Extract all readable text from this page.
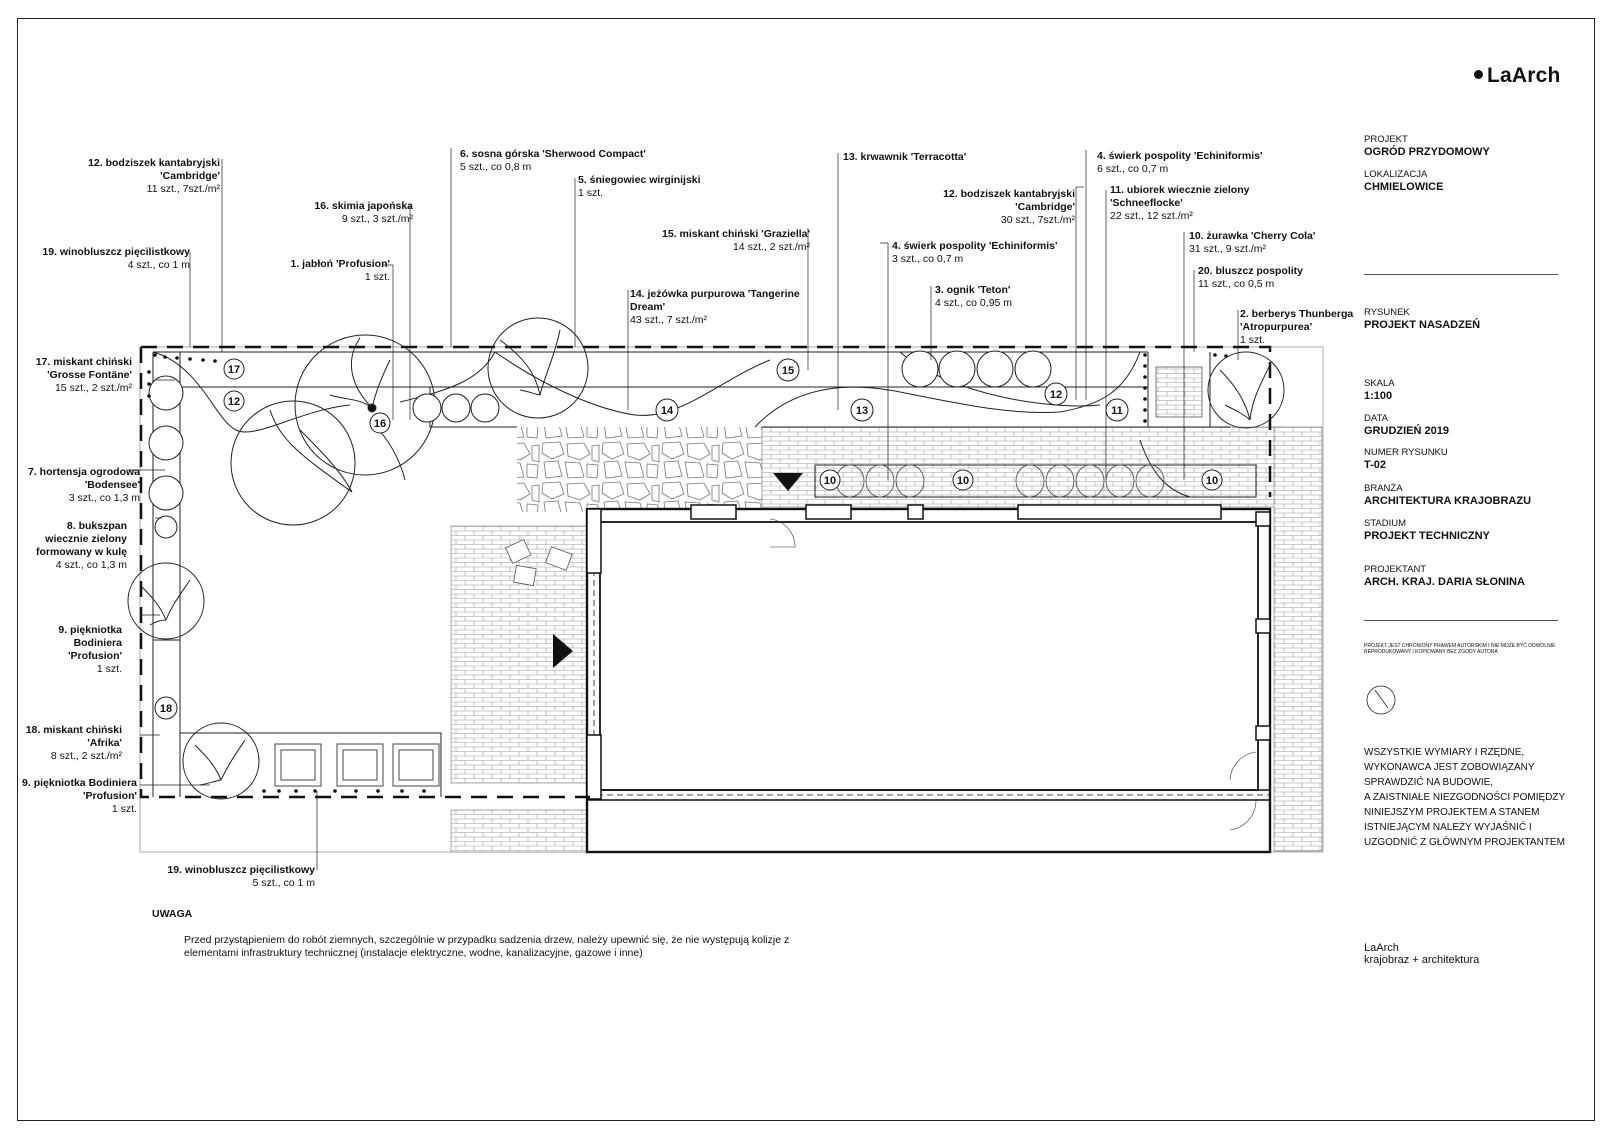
LaArch
17
12
16
15
14	13
12
11
10	10	10
18
12. bodziszek kantabryjski
'Cambridge'
11 szt., 7szt./m²
16. skimia japońska
9 szt., 3 szt./m²
19. winobluszcz pięcilistkowy
4 szt., co 1 m	1. jabłoń 'Profusion'
1 szt.
6. sosna górska 'Sherwood Compact'
5 szt., co 0,8 m
5. śniegowiec wirginijski
1 szt.
15. miskant chiński 'Graziella'
14 szt., 2 szt./m²
14. jeżówka purpurowa 'Tangerine
Dream'
43 szt., 7 szt./m²
13. krwawnik 'Terracotta'	4. świerk pospolity 'Echiniformis'
6 szt., co 0,7 m
12. bodziszek kantabryjski
'Cambridge'
30 szt., 7szt./m²
11. ubiorek wiecznie zielony
'Schneeflocke'
22 szt., 12 szt./m²
4. świerk pospolity 'Echiniformis'
3 szt., co 0,7 m
10. żurawka 'Cherry Cola'
31 szt., 9 szt./m²
3. ognik 'Teton'
4 szt., co 0,95 m
20. bluszcz pospolity
11 szt., co 0,5 m
2. berberys Thunberga
'Atropurpurea'
1 szt.
17. miskant chiński
'Grosse Fontäne'
15 szt., 2 szt./m²
7. hortensja ogrodowa
'Bodensee'
3 szt., co 1,3 m
8. bukszpan
wiecznie zielony
formowany w kulę
4 szt., co 1,3 m
9. piękniotka
Bodiniera
'Profusion'
1 szt.
18. miskant chiński
'Afrika'
8 szt., 2 szt./m²
9. piękniotka Bodiniera
'Profusion'
1 szt.
19. winobluszcz pięcilistkowy
5 szt., co 1 m
UWAGA
Przed przystąpieniem do robót ziemnych, szczególnie w przypadku sadzenia drzew, należy upewnić się, że nie występują kolizje z
elementami infrastruktury technicznej (instalacje elektryczne, wodne, kanalizacyjne, gazowe i inne)
PROJEKT
OGRÓD PRZYDOMOWY
LOKALIZACJA
CHMIELOWICE
RYSUNEK
PROJEKT NASADZEŃ
SKALA
1:100
DATA
GRUDZIEŃ 2019
NUMER RYSUNKU
T-02
BRANŻA
ARCHITEKTURA KRAJOBRAZU
STADIUM
PROJEKT TECHNICZNY
PROJEKTANT
ARCH. KRAJ. DARIA SŁONINA
PROJEKT JEST CHRONIONY PRAWEM AUTORSKIM I NIE MOŻE BYĆ DOWOLNIE
REPRODUKOWANY I KOPIOWANY BEZ ZGODY AUTORA
WSZYSTKIE WYMIARY I RZĘDNE,
WYKONAWCA JEST ZOBOWIĄZANY
SPRAWDZIĆ NA BUDOWIE,
A ZAISTNIAŁE NIEZGODNOŚCI POMIĘDZY
NINIEJSZYM PROJEKTEM A STANEM
ISTNIEJĄCYM NALEŻY WYJAŚNIĆ I
UZGODNIĆ Z GŁÓWNYM PROJEKTANTEM
LaArch
krajobraz + architektura
